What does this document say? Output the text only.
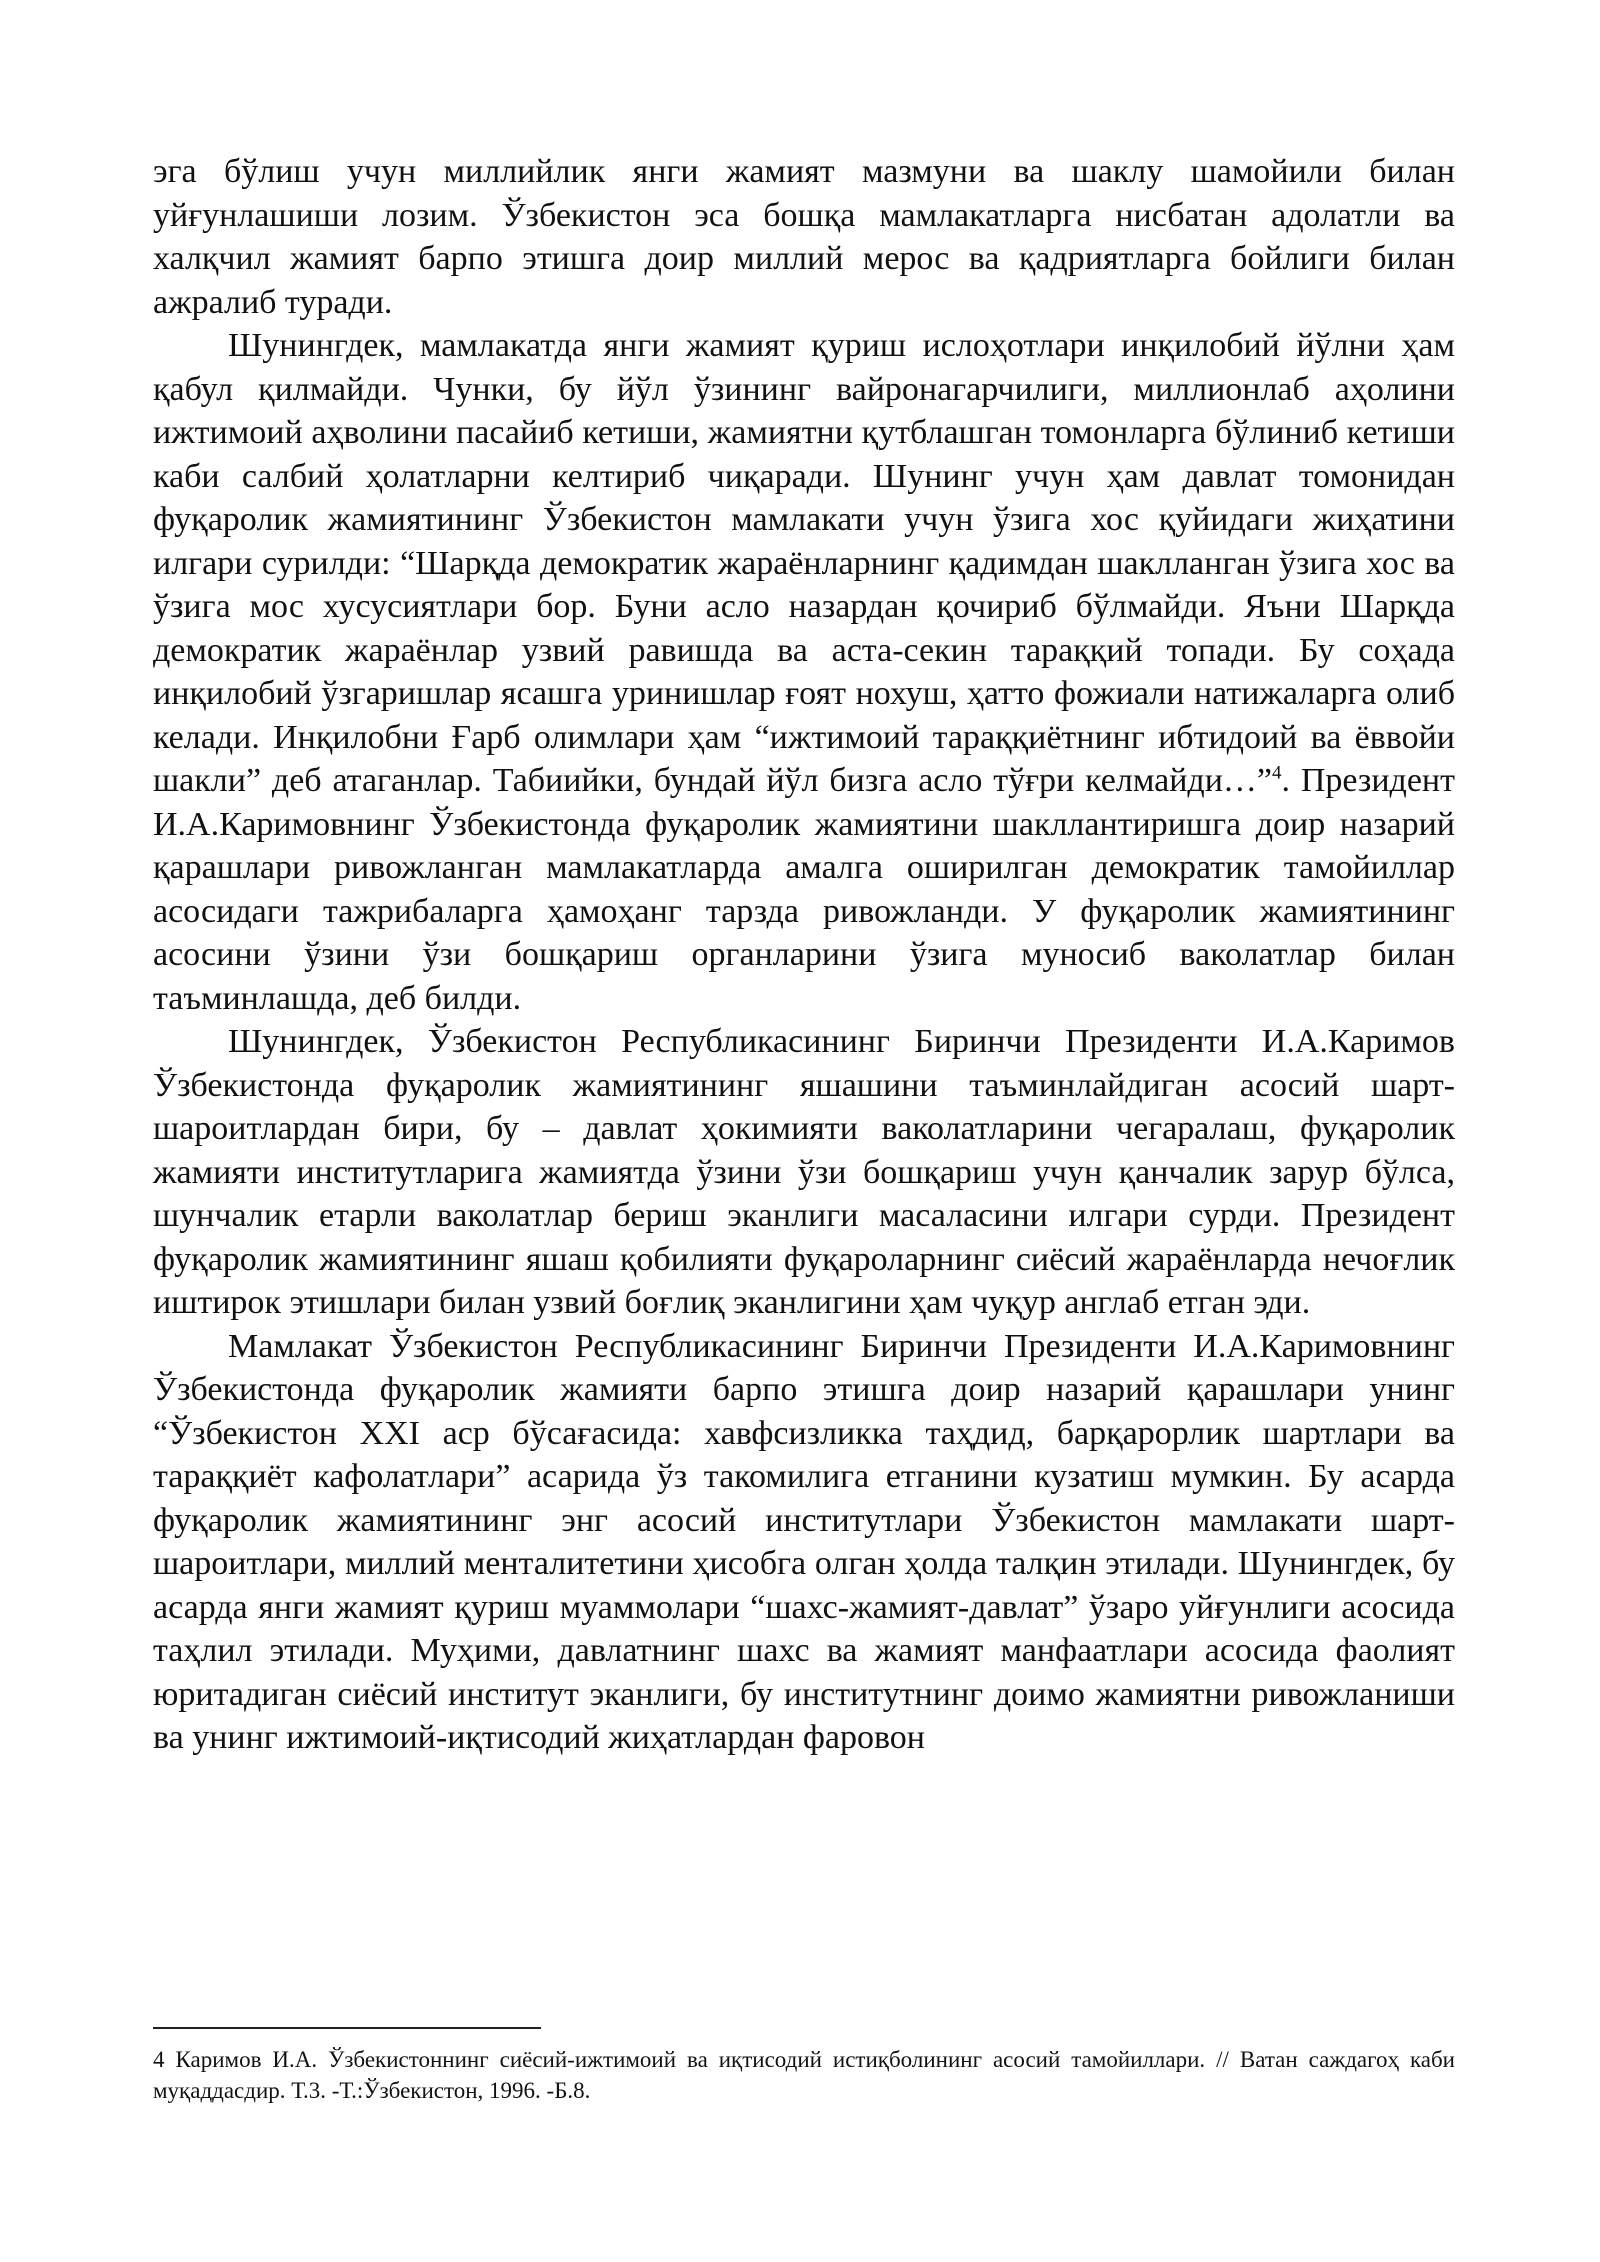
эга бўлиш учун миллийлик янги жамият мазмуни ва шаклу шамойили билан уйғунлашиши лозим. Ўзбекистон эса бошқа мамлакатларга нисбатан адолатли ва халқчил жамият барпо этишга доир миллий мерос ва қадриятларга бойлиги билан ажралиб туради.

Шунингдек, мамлакатда янги жамият қуриш ислоҳотлари инқилобий йўлни ҳам қабул қилмайди. Чунки, бу йўл ўзининг вайронагарчилиги, миллионлаб аҳолини ижтимоий аҳволини пасайиб кетиши, жамиятни қутблашган томонларга бўлиниб кетиши каби салбий ҳолатларни келтириб чиқаради. Шунинг учун ҳам давлат томонидан фуқаролик жамиятининг Ўзбекистон мамлакати учун ўзига хос қуйидаги жиҳатини илгари сурилди: “Шарқда демократик жараёнларнинг қадимдан шаклланган ўзига хос ва ўзига мос хусусиятлари бор. Буни асло назардан қочириб бўлмайди. Яъни Шарқда демократик жараёнлар узвий равишда ва аста-секин тараққий топади. Бу соҳада инқилобий ўзгаришлар ясашга уринишлар ғоят нохуш, ҳатто фожиали натижаларга олиб келади. Инқилобни Ғарб олимлари ҳам “ижтимоий тараққиётнинг ибтидоий ва ёввойи шакли” деб атаганлар. Табиийки, бундай йўл бизга асло тўғри келмайди…”$^4$. Президент И.А.Каримовнинг Ўзбекистонда фуқаролик жамиятини шакллантиришга доир назарий қарашлари ривожланган мамлакатларда амалга оширилган демократик тамойиллар асосидаги тажрибаларга ҳамоҳанг тарзда ривожланди. У фуқаролик жамиятининг асосини ўзини ўзи бошқариш органларини ўзига муносиб ваколатлар билан таъминлашда, деб билди.

Шунингдек, Ўзбекистон Республикасининг Биринчи Президенти И.А.Каримов Ўзбекистонда фуқаролик жамиятининг яшашини таъминлайдиган асосий шарт-шароитлардан бири, бу – давлат ҳокимияти ваколатларини чегаралаш, фуқаролик жамияти институтларига жамиятда ўзини ўзи бошқариш учун қанчалик зарур бўлса, шунчалик етарли ваколатлар бериш эканлиги масаласини илгари сурди. Президент фуқаролик жамиятининг яшаш қобилияти фуқароларнинг сиёсий жараёнларда нечоғлик иштирок этишлари билан узвий боғлиқ эканлигини ҳам чуқур англаб етган эди.

Мамлакат Ўзбекистон Республикасининг Биринчи Президенти И.А.Каримовнинг Ўзбекистонда фуқаролик жамияти барпо этишга доир назарий қарашлари унинг “Ўзбекистон XXI аср бўсағасида: хавфсизликка таҳдид, барқарорлик шартлари ва тараққиёт кафолатлари” асарида ўз такомилига етганини кузатиш мумкин. Бу асарда фуқаролик жамиятининг энг асосий институтлари Ўзбекистон мамлакати шарт-шароитлари, миллий менталитетини ҳисобга олган ҳолда талқин этилади. Шунингдек, бу асарда янги жамият қуриш муаммолари “шахс-жамият-давлат” ўзаро уйғунлиги асосида таҳлил этилади. Муҳими, давлатнинг шахс ва жамият манфаатлари асосида фаолият юритадиган сиёсий институт эканлиги, бу институтнинг доимо жамиятни ривожланиши ва унинг ижтимоий-иқтисодий жиҳатлардан фаровон

4 Каримов И.А. Ўзбекистоннинг сиёсий-ижтимоий ва иқтисодий истиқболининг асосий тамойиллари. // Ватан саждагоҳ каби муқаддасдир. Т.3. -Т.:Ўзбекистон, 1996. -Б.8.
